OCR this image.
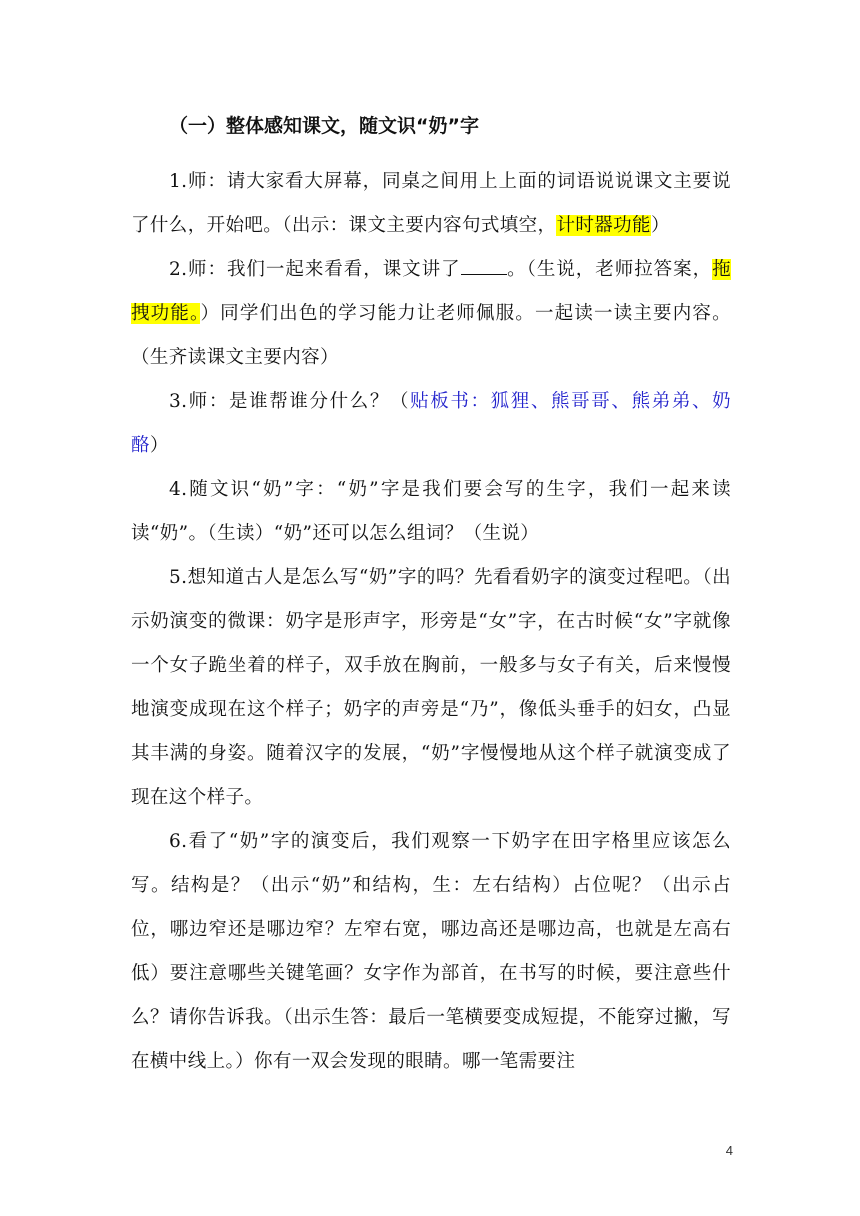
（一）整体感知课文，随文识“奶”字

1.师：请大家看大屏幕，同桌之间用上上面的词语说说课文主要说了什么，开始吧。（出示：课文主要内容句式填空，计时器功能）

2.师：我们一起来看看，课文讲了 。（生说，老师拉答案，拖拽功能。）同学们出色的学习能力让老师佩服。一起读一读主要内容。（生齐读课文主要内容）

3.师：是谁帮谁分什么？（贴板书：狐狸、熊哥哥、熊弟弟、奶酪）

4.随文识“奶”字：“奶”字是我们要会写的生字，我们一起来读读“奶”。（生读）“奶”还可以怎么组词？（生说）

5.想知道古人是怎么写“奶”字的吗？先看看奶字的演变过程吧。（出示奶演变的微课：奶字是形声字，形旁是“女”字，在古时候“女”字就像一个女子跪坐着的样子，双手放在胸前，一般多与女子有关，后来慢慢地演变成现在这个样子；奶字的声旁是“乃”，像低头垂手的妇女，凸显其丰满的身姿。随着汉字的发展，“奶”字慢慢地从这个样子就演变成了现在这个样子。

6.看了“奶”字的演变后，我们观察一下奶字在田字格里应该怎么写。结构是？（出示“奶”和结构，生：左右结构）占位呢？（出示占位，哪边窄还是哪边窄？左窄右宽，哪边高还是哪边高，也就是左高右低）要注意哪些关键笔画？女字作为部首，在书写的时候，要注意些什么？请你告诉我。（出示生答：最后一笔横要变成短提，不能穿过撇，写在横中线上。）你有一双会发现的眼睛。哪一笔需要注

4
